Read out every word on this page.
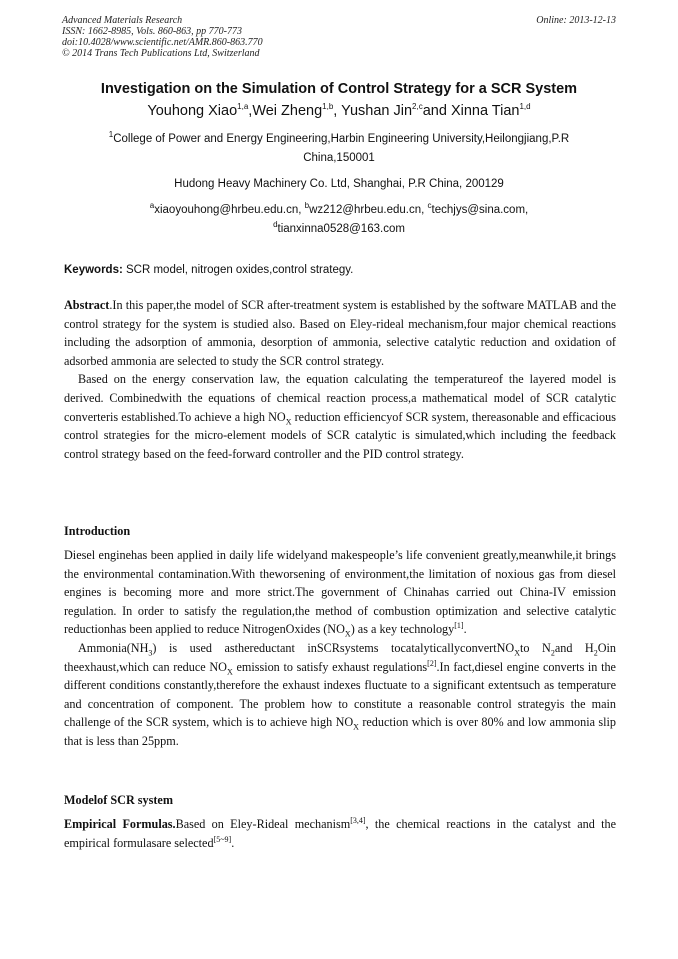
Advanced Materials Research
ISSN: 1662-8985, Vols. 860-863, pp 770-773
doi:10.4028/www.scientific.net/AMR.860-863.770
© 2014 Trans Tech Publications Ltd, Switzerland
Online: 2013-12-13
Investigation on the Simulation of Control Strategy for a SCR System
Youhong Xiao$^{1,a}$,Wei Zheng$^{1,b}$, Yushan Jin$^{2,c}$and Xinna Tian$^{1,d}$
$^1$College of Power and Energy Engineering,Harbin Engineering University,Heilongjiang,P.R
China,150001
Hudong Heavy Machinery Co. Ltd, Shanghai, P.R China, 200129
$^a$xiaoyouhong@hrbeu.edu.cn, $^b$wz212@hrbeu.edu.cn, $^c$techjys@sina.com,
$^d$tianxinna0528@163.com
Keywords: SCR model, nitrogen oxides,control strategy.

Abstract.In this paper,the model of SCR after-treatment system is established by the software MATLAB and the control strategy for the system is studied also. Based on Eley-rideal mechanism,four major chemical reactions including the adsorption of ammonia, desorption of ammonia, selective catalytic reduction and oxidation of adsorbed ammonia are selected to study the SCR control strategy.

Based on the energy conservation law, the equation calculating the temperatureof the layered model is derived. Combinedwith the equations of chemical reaction process,a mathematical model of SCR catalytic converteris established.To achieve a high $NO_X$ reduction efficiencyof SCR system, thereasonable and efficacious control strategies for the micro-element models of SCR catalytic is simulated,which including the feedback control strategy based on the feed-forward controller and the PID control strategy.

Introduction

Diesel enginehas been applied in daily life widelyand makespeople’s life convenient greatly,meanwhile,it brings the environmental contamination.With theworsening of environment,the limitation of noxious gas from diesel engines is becoming more and more strict.The government of Chinahas carried out China-IV emission regulation. In order to satisfy the regulation,the method of combustion optimization and selective catalytic reductionhas been applied to reduce NitrogenOxides $(NO_X)$ as a key technology[1].

$Ammonia(NH_3)$ is used asthereductant inSCRsystems tocatalyticallyconvertNO$_X$to $N_2and$ $H_2Oin$ theexhaust,which can reduce $NO_X$ emission to satisfy exhaust regulations[2].In fact,diesel engine converts in the different conditions constantly,therefore the exhaust indexes fluctuate to a significant extentsuch as temperature and concentration of component. The problem how to constitute a reasonable control strategyis the main challenge of the SCR system, which is to achieve high $NO_X$ reduction which is over 80% and low ammonia slip that is less than 25ppm.

Modelof SCR system

Empirical Formulas.Based on Eley-Rideal mechanism[3,4], the chemical reactions in the catalyst and the empirical formulasare selected[5~9].
